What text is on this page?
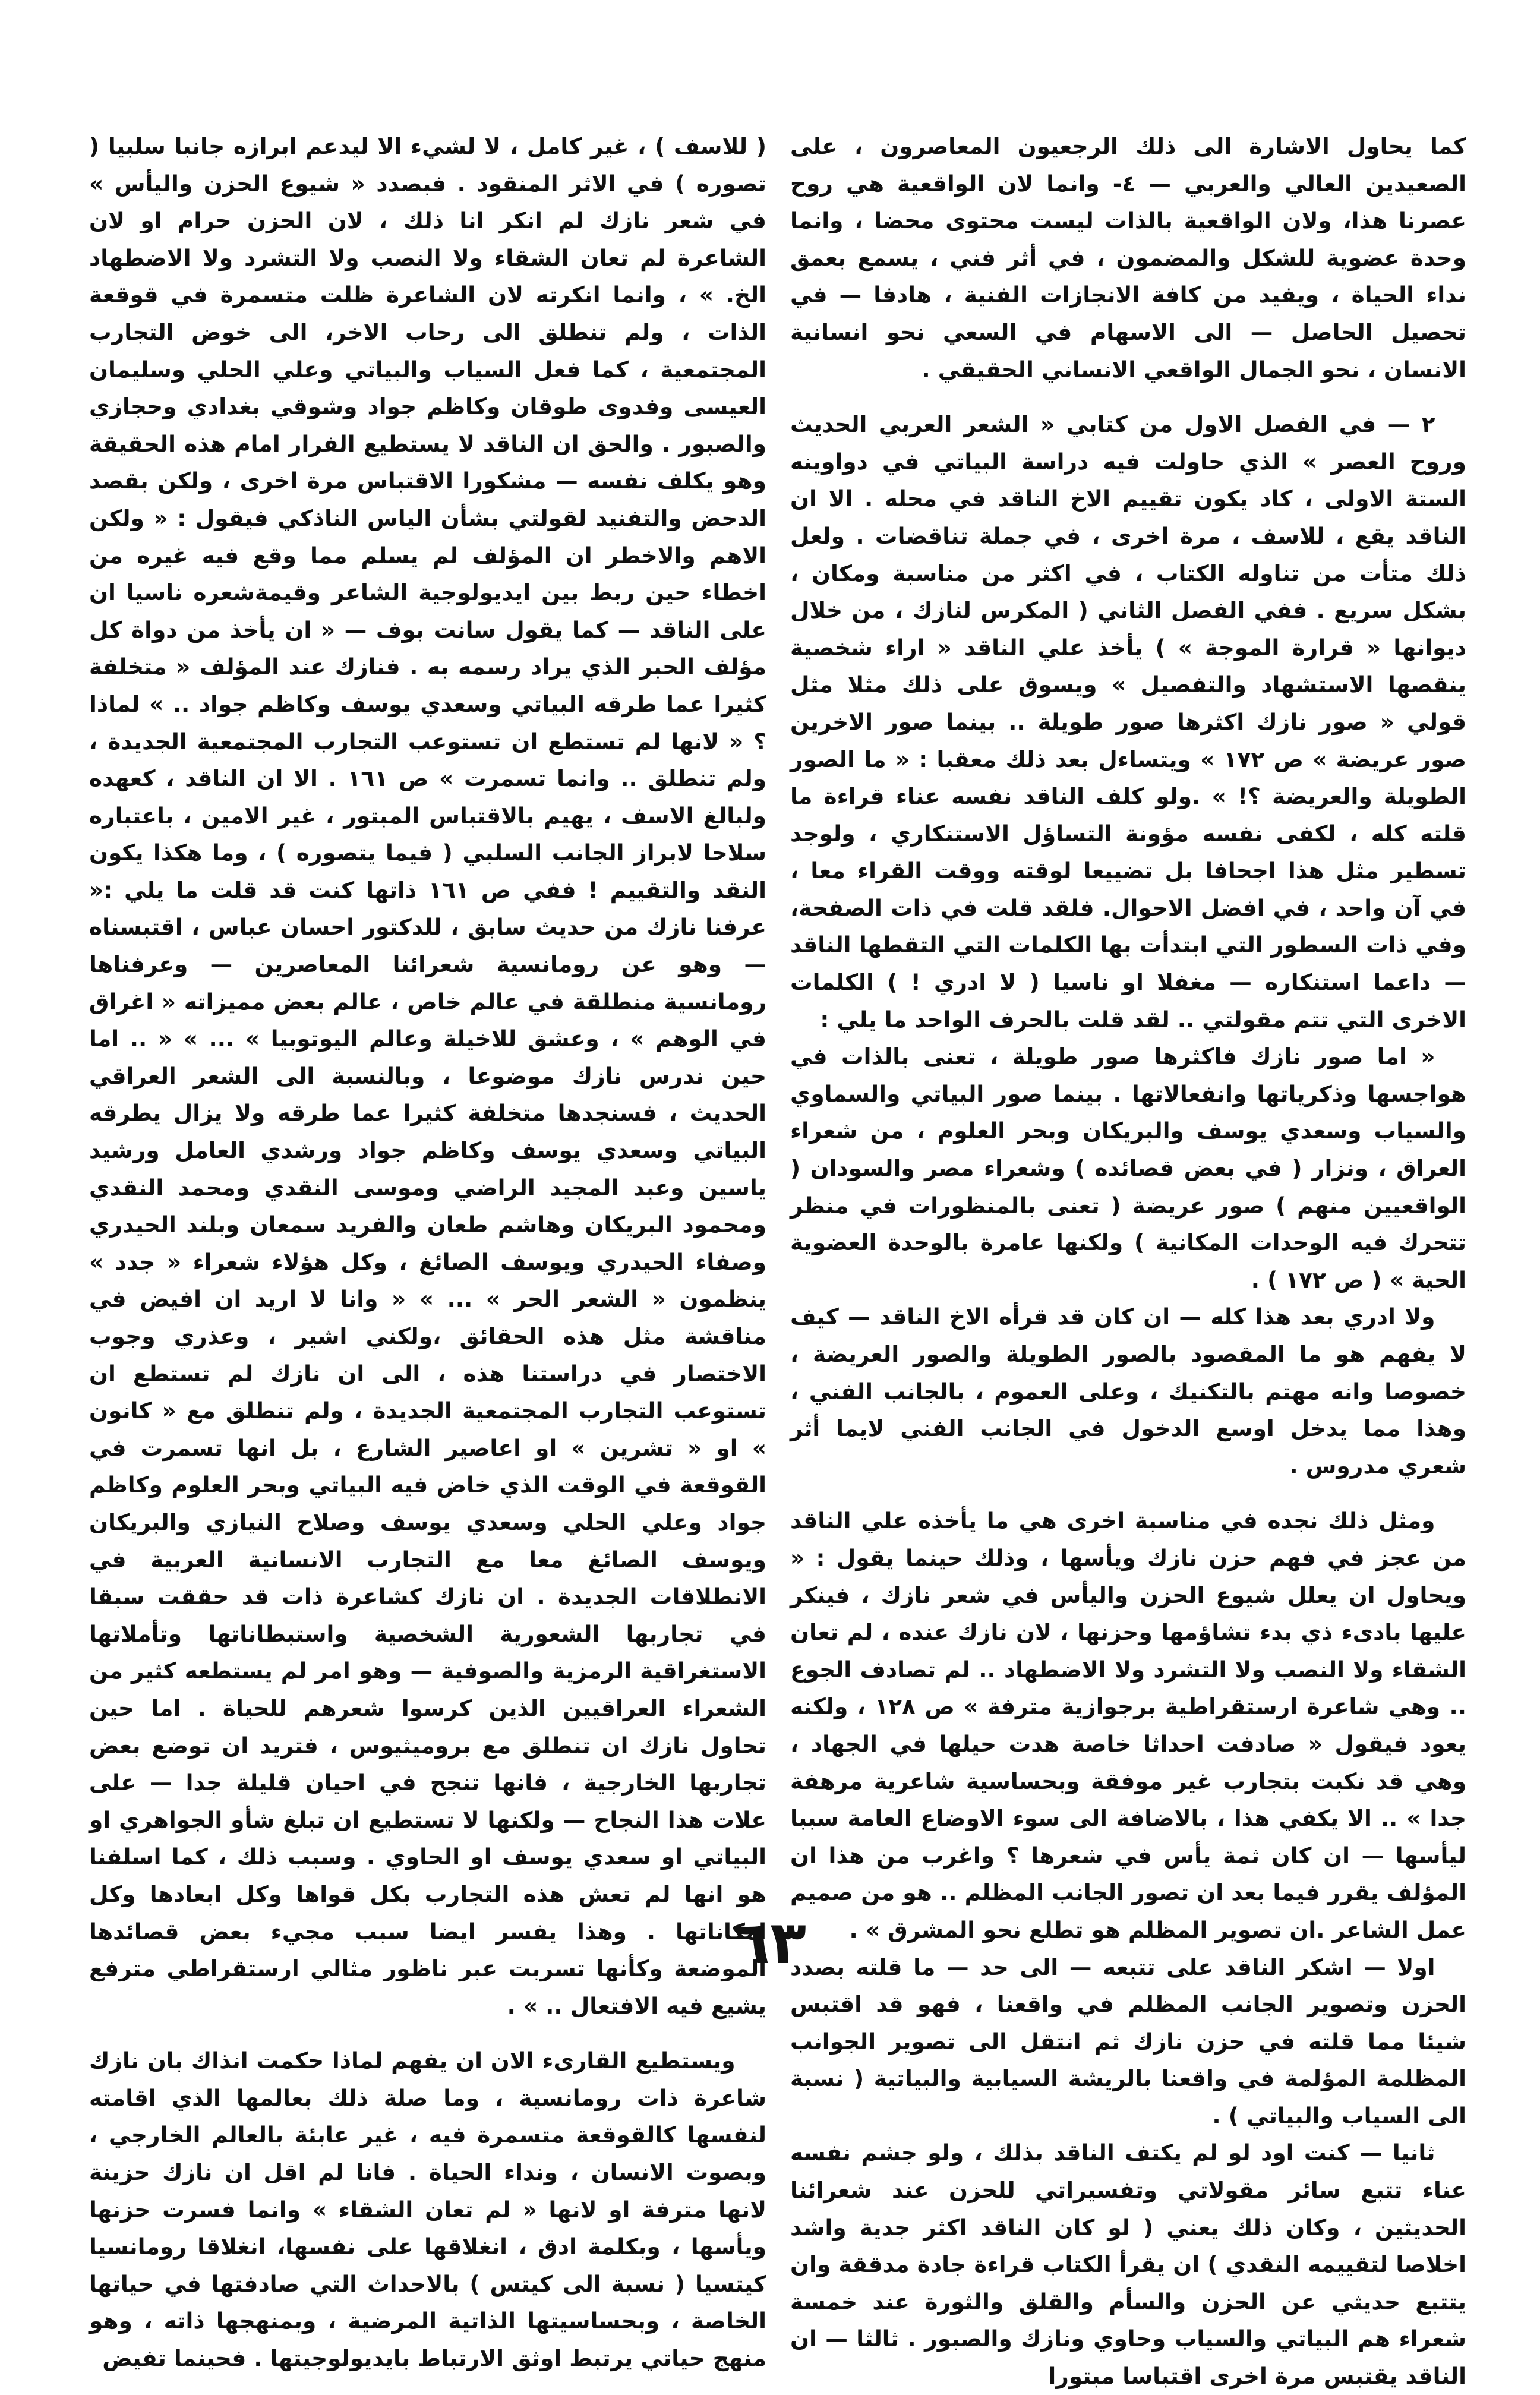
كما يحاول الاشارة الى ذلك الرجعيون المعاصرون ، على الصعيدين العالي والعربي — ٤- وانما لان الواقعية هي روح عصرنا هذا، ولان الواقعية بالذات ليست محتوى محضا ، وانما وحدة عضوية للشكل والمضمون ، في أثر فني ، يسمع بعمق نداء الحياة ، ويفيد من كافة الانجازات الفنية ، هادفا — في تحصيل الحاصل — الى الاسهام في السعي نحو انسانية الانسان ، نحو الجمال الواقعي الانساني الحقيقي .

٢ — في الفصل الاول من كتابي « الشعر العربي الحديث وروح العصر » الذي حاولت فيه دراسة البياتي في دواوينه الستة الاولى ، كاد يكون تقييم الاخ الناقد في محله . الا ان الناقد يقع ، للاسف ، مرة اخرى ، في جملة تناقضات . ولعل ذلك متأت من تناوله الكتاب ، في اكثر من مناسبة ومكان ، بشكل سريع . ففي الفصل الثاني ( المكرس لنازك ، من خلال ديوانها « قرارة الموجة » ) يأخذ علي الناقد « اراء شخصية ينقصها الاستشهاد والتفصيل » ويسوق على ذلك مثلا مثل قولي « صور نازك اكثرها صور طويلة .. بينما صور الاخرين صور عريضة » ص ١٧٢ » ويتساءل بعد ذلك معقبا : « ما الصور الطويلة والعريضة ؟! » .ولو كلف الناقد نفسه عناء قراءة ما قلته كله ، لكفى نفسه مؤونة التساؤل الاستنكاري ، ولوجد تسطير مثل هذا اجحافا بل تضييعا لوقته ووقت القراء معا ، في آن واحد ، في افضل الاحوال. فلقد قلت في ذات الصفحة، وفي ذات السطور التي ابتدأت بها الكلمات التي التقطها الناقد — داعما استنكاره — مغفلا او ناسيا ( لا ادري ! ) الكلمات الاخرى التي تتم مقولتي .. لقد قلت بالحرف الواحد ما يلي :

« اما صور نازك فاكثرها صور طويلة ، تعنى بالذات في هواجسها وذكرياتها وانفعالاتها . بينما صور البياتي والسماوي والسياب وسعدي يوسف والبريكان وبحر العلوم ، من شعراء العراق ، ونزار ( في بعض قصائده ) وشعراء مصر والسودان ( الواقعيين منهم ) صور عريضة ( تعنى بالمنظورات في منظر تتحرك فيه الوحدات المكانية ) ولكنها عامرة بالوحدة العضوية الحية » ( ص ١٧٢ ) .

ولا ادري بعد هذا كله — ان كان قد قرأه الاخ الناقد — كيف لا يفهم هو ما المقصود بالصور الطويلة والصور العريضة ، خصوصا وانه مهتم بالتكنيك ، وعلى العموم ، بالجانب الفني ، وهذا مما يدخل اوسع الدخول في الجانب الفني لايما أثر شعري مدروس .

ومثل ذلك نجده في مناسبة اخرى هي ما يأخذه علي الناقد من عجز في فهم حزن نازك ويأسها ، وذلك حينما يقول : « ويحاول ان يعلل شيوع الحزن واليأس في شعر نازك ، فينكر عليها بادىء ذي بدء تشاؤمها وحزنها ، لان نازك عنده ، لم تعان الشقاء ولا النصب ولا التشرد ولا الاضطهاد .. لم تصادف الجوع .. وهي شاعرة ارستقراطية برجوازية مترفة » ص ١٢٨ ، ولكنه يعود فيقول « صادفت احداثا خاصة هدت حيلها في الجهاد ، وهي قد نكبت بتجارب غير موفقة وبحساسية شاعرية مرهفة جدا » .. الا يكفي هذا ، بالاضافة الى سوء الاوضاع العامة سببا ليأسها — ان كان ثمة يأس في شعرها ؟ واغرب من هذا ان المؤلف يقرر فيما بعد ان تصور الجانب المظلم .. هو من صميم عمل الشاعر .ان تصوير المظلم هو تطلع نحو المشرق » .

اولا — اشكر الناقد على تتبعه — الى حد — ما قلته بصدد الحزن وتصوير الجانب المظلم في واقعنا ، فهو قد اقتبس شيئا مما قلته في حزن نازك ثم انتقل الى تصوير الجوانب المظلمة المؤلمة في واقعنا بالريشة السيابية والبياتية ( نسبة الى السياب والبياتي ) .

ثانيا — كنت اود لو لم يكتف الناقد بذلك ، ولو جشم نفسه عناء تتبع سائر مقولاتي وتفسيراتي للحزن عند شعرائنا الحديثين ، وكان ذلك يعني ( لو كان الناقد اكثر جدية واشد اخلاصا لتقييمه النقدي ) ان يقرأ الكتاب قراءة جادة مدققة وان يتتبع حديثي عن الحزن والسأم والقلق والثورة عند خمسة شعراء هم البياتي والسياب وحاوي ونازك والصبور . ثالثا — ان الناقد يقتبس مرة اخرى اقتباسا مبتورا

( للاسف ) ، غير كامل ، لا لشيء الا ليدعم ابرازه جانبا سلبيا ( تصوره ) في الاثر المنقود . فبصدد « شيوع الحزن واليأس » في شعر نازك لم انكر انا ذلك ، لان الحزن حرام او لان الشاعرة لم تعان الشقاء ولا النصب ولا التشرد ولا الاضطهاد الخ. » ، وانما انكرته لان الشاعرة ظلت متسمرة في قوقعة الذات ، ولم تنطلق الى رحاب الاخر، الى خوض التجارب المجتمعية ، كما فعل السياب والبياتي وعلي الحلي وسليمان العيسى وفدوى طوقان وكاظم جواد وشوقي بغدادي وحجازي والصبور . والحق ان الناقد لا يستطيع الفرار امام هذه الحقيقة وهو يكلف نفسه — مشكورا الاقتباس مرة اخرى ، ولكن بقصد الدحض والتفنيد لقولتي بشأن الياس الناذكي فيقول : « ولكن الاهم والاخطر ان المؤلف لم يسلم مما وقع فيه غيره من اخطاء حين ربط بين ايديولوجية الشاعر وقيمةشعره ناسيا ان على الناقد — كما يقول سانت بوف — « ان يأخذ من دواة كل مؤلف الحبر الذي يراد رسمه به . فنازك عند المؤلف « متخلفة كثيرا عما طرقه البياتي وسعدي يوسف وكاظم جواد .. » لماذا ؟ « لانها لم تستطع ان تستوعب التجارب المجتمعية الجديدة ، ولم تنطلق .. وانما تسمرت » ص ١٦١ . الا ان الناقد ، كعهده ولبالغ الاسف ، يهيم بالاقتباس المبتور ، غير الامين ، باعتباره سلاحا لابراز الجانب السلبي ( فيما يتصوره ) ، وما هكذا يكون النقد والتقييم ! ففي ص ١٦١ ذاتها كنت قد قلت ما يلي :« عرفنا نازك من حديث سابق ، للدكتور احسان عباس ، اقتبسناه — وهو عن رومانسية شعرائنا المعاصرين — وعرفناها رومانسية منطلقة في عالم خاص ، عالم بعض مميزاته « اغراق في الوهم » ، وعشق للاخيلة وعالم اليوتوبيا » ... » « .. اما حين ندرس نازك موضوعا ، وبالنسبة الى الشعر العراقي الحديث ، فسنجدها متخلفة كثيرا عما طرقه ولا يزال يطرقه البياتي وسعدي يوسف وكاظم جواد ورشدي العامل ورشيد ياسين وعبد المجيد الراضي وموسى النقدي ومحمد النقدي ومحمود البريكان وهاشم طعان والفريد سمعان وبلند الحيدري وصفاء الحيدري ويوسف الصائغ ، وكل هؤلاء شعراء « جدد » ينظمون « الشعر الحر » ... » « وانا لا اريد ان افيض في مناقشة مثل هذه الحقائق ،ولكني اشير ، وعذري وجوب الاختصار في دراستنا هذه ، الى ان نازك لم تستطع ان تستوعب التجارب المجتمعية الجديدة ، ولم تنطلق مع « كانون » او « تشرين » او اعاصير الشارع ، بل انها تسمرت في القوقعة في الوقت الذي خاض فيه البياتي وبحر العلوم وكاظم جواد وعلي الحلي وسعدي يوسف وصلاح النيازي والبريكان ويوسف الصائغ معا مع التجارب الانسانية العربية في الانطلاقات الجديدة . ان نازك كشاعرة ذات قد حققت سبقا في تجاربها الشعورية الشخصية واستبطاناتها وتأملاتها الاستغراقية الرمزية والصوفية — وهو امر لم يستطعه كثير من الشعراء العراقيين الذين كرسوا شعرهم للحياة . اما حين تحاول نازك ان تنطلق مع بروميثيوس ، فتريد ان توضع بعض تجاربها الخارجية ، فانها تنجح في احيان قليلة جدا — على علات هذا النجاح — ولكنها لا تستطيع ان تبلغ شأو الجواهري او البياتي او سعدي يوسف او الحاوي . وسبب ذلك ، كما اسلفنا هو انها لم تعش هذه التجارب بكل قواها وكل ابعادها وكل امكاناتها . وهذا يفسر ايضا سبب مجيء بعض قصائدها الموضعة وكأنها تسربت عبر ناظور مثالي ارستقراطي مترفع يشيع فيه الافتعال .. » .

ويستطيع القارىء الان ان يفهم لماذا حكمت انذاك بان نازك شاعرة ذات رومانسية ، وما صلة ذلك بعالمها الذي اقامته لنفسها كالقوقعة متسمرة فيه ، غير عابئة بالعالم الخارجي ، وبصوت الانسان ، ونداء الحياة . فانا لم اقل ان نازك حزينة لانها مترفة او لانها « لم تعان الشقاء » وانما فسرت حزنها ويأسها ، وبكلمة ادق ، انغلاقها على نفسها، انغلاقا رومانسيا كيتسيا ( نسبة الى كيتس ) بالاحداث التي صادفتها في حياتها الخاصة ، وبحساسيتها الذاتية المرضية ، وبمنهجها ذاته ، وهو منهج حياتي يرتبط اوثق الارتباط بايديولوجيتها . فحينما تفيض

٦٣
